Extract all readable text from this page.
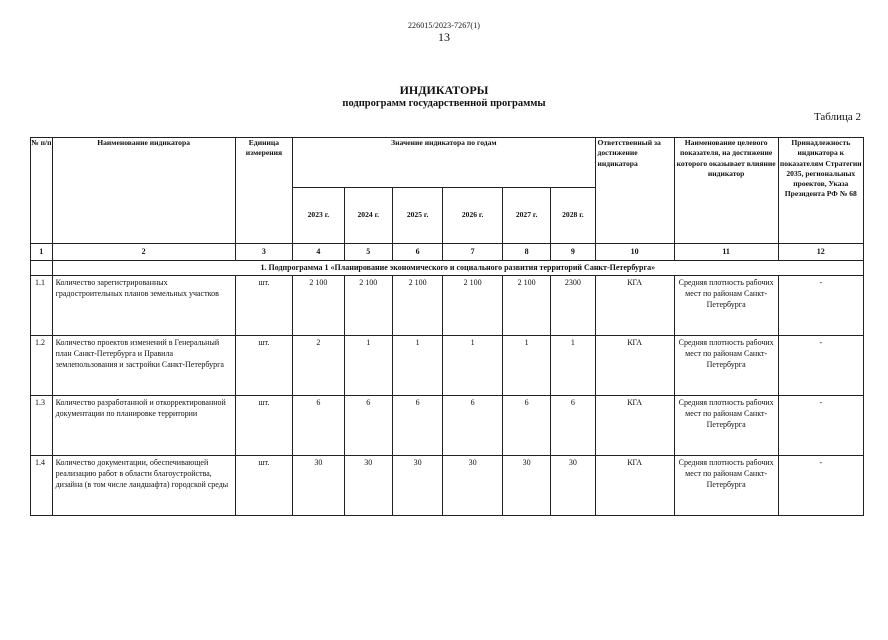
226015/2023-7267(1)
13
ИНДИКАТОРЫ
подпрограмм государственной программы
Таблица 2
№ п/п	Наименование индикатора	Единица измерения	Значение индикатора по годам						Ответственный за достижение индикатора	Наименование целевого показателя, на достижение которого оказывает влияние индикатор	Принадлежность индикатора к показателям Стратегии 2035, региональных проектов, Указа Президента РФ № 68
			2023 г.	2024 г.	2025 г.	2026 г.	2027 г.	2028 г.			
1	2	3	4	5	6	7	8	9	10	11	12
	1. Подпрограмма 1 «Планирование экономического и социального развития территорий Санкт-Петербурга»										
1.1	Количество зарегистрированных градостроительных планов земельных участков	шт.	2 100	2 100	2 100	2 100	2 100	2300	КГА	Средняя плотность рабочих мест по районам Санкт-Петербурга	-
1.2	Количество проектов изменений в Генеральный план Санкт-Петербурга и Правила землепользования и застройки Санкт-Петербурга	шт.	2	1	1	1	1	1	КГА	Средняя плотность рабочих мест по районам Санкт-Петербурга	-
1.3	Количество разработанной и откорректированной документации по планировке территории	шт.	6	6	6	6	6	6	КГА	Средняя плотность рабочих мест по районам Санкт-Петербурга	-
1.4	Количество документации, обеспечивающей реализацию работ в области благоустройства, дизайна (в том числе ландшафта) городской среды	шт.	30	30	30	30	30	30	КГА	Средняя плотность рабочих мест по районам Санкт-Петербурга	-
